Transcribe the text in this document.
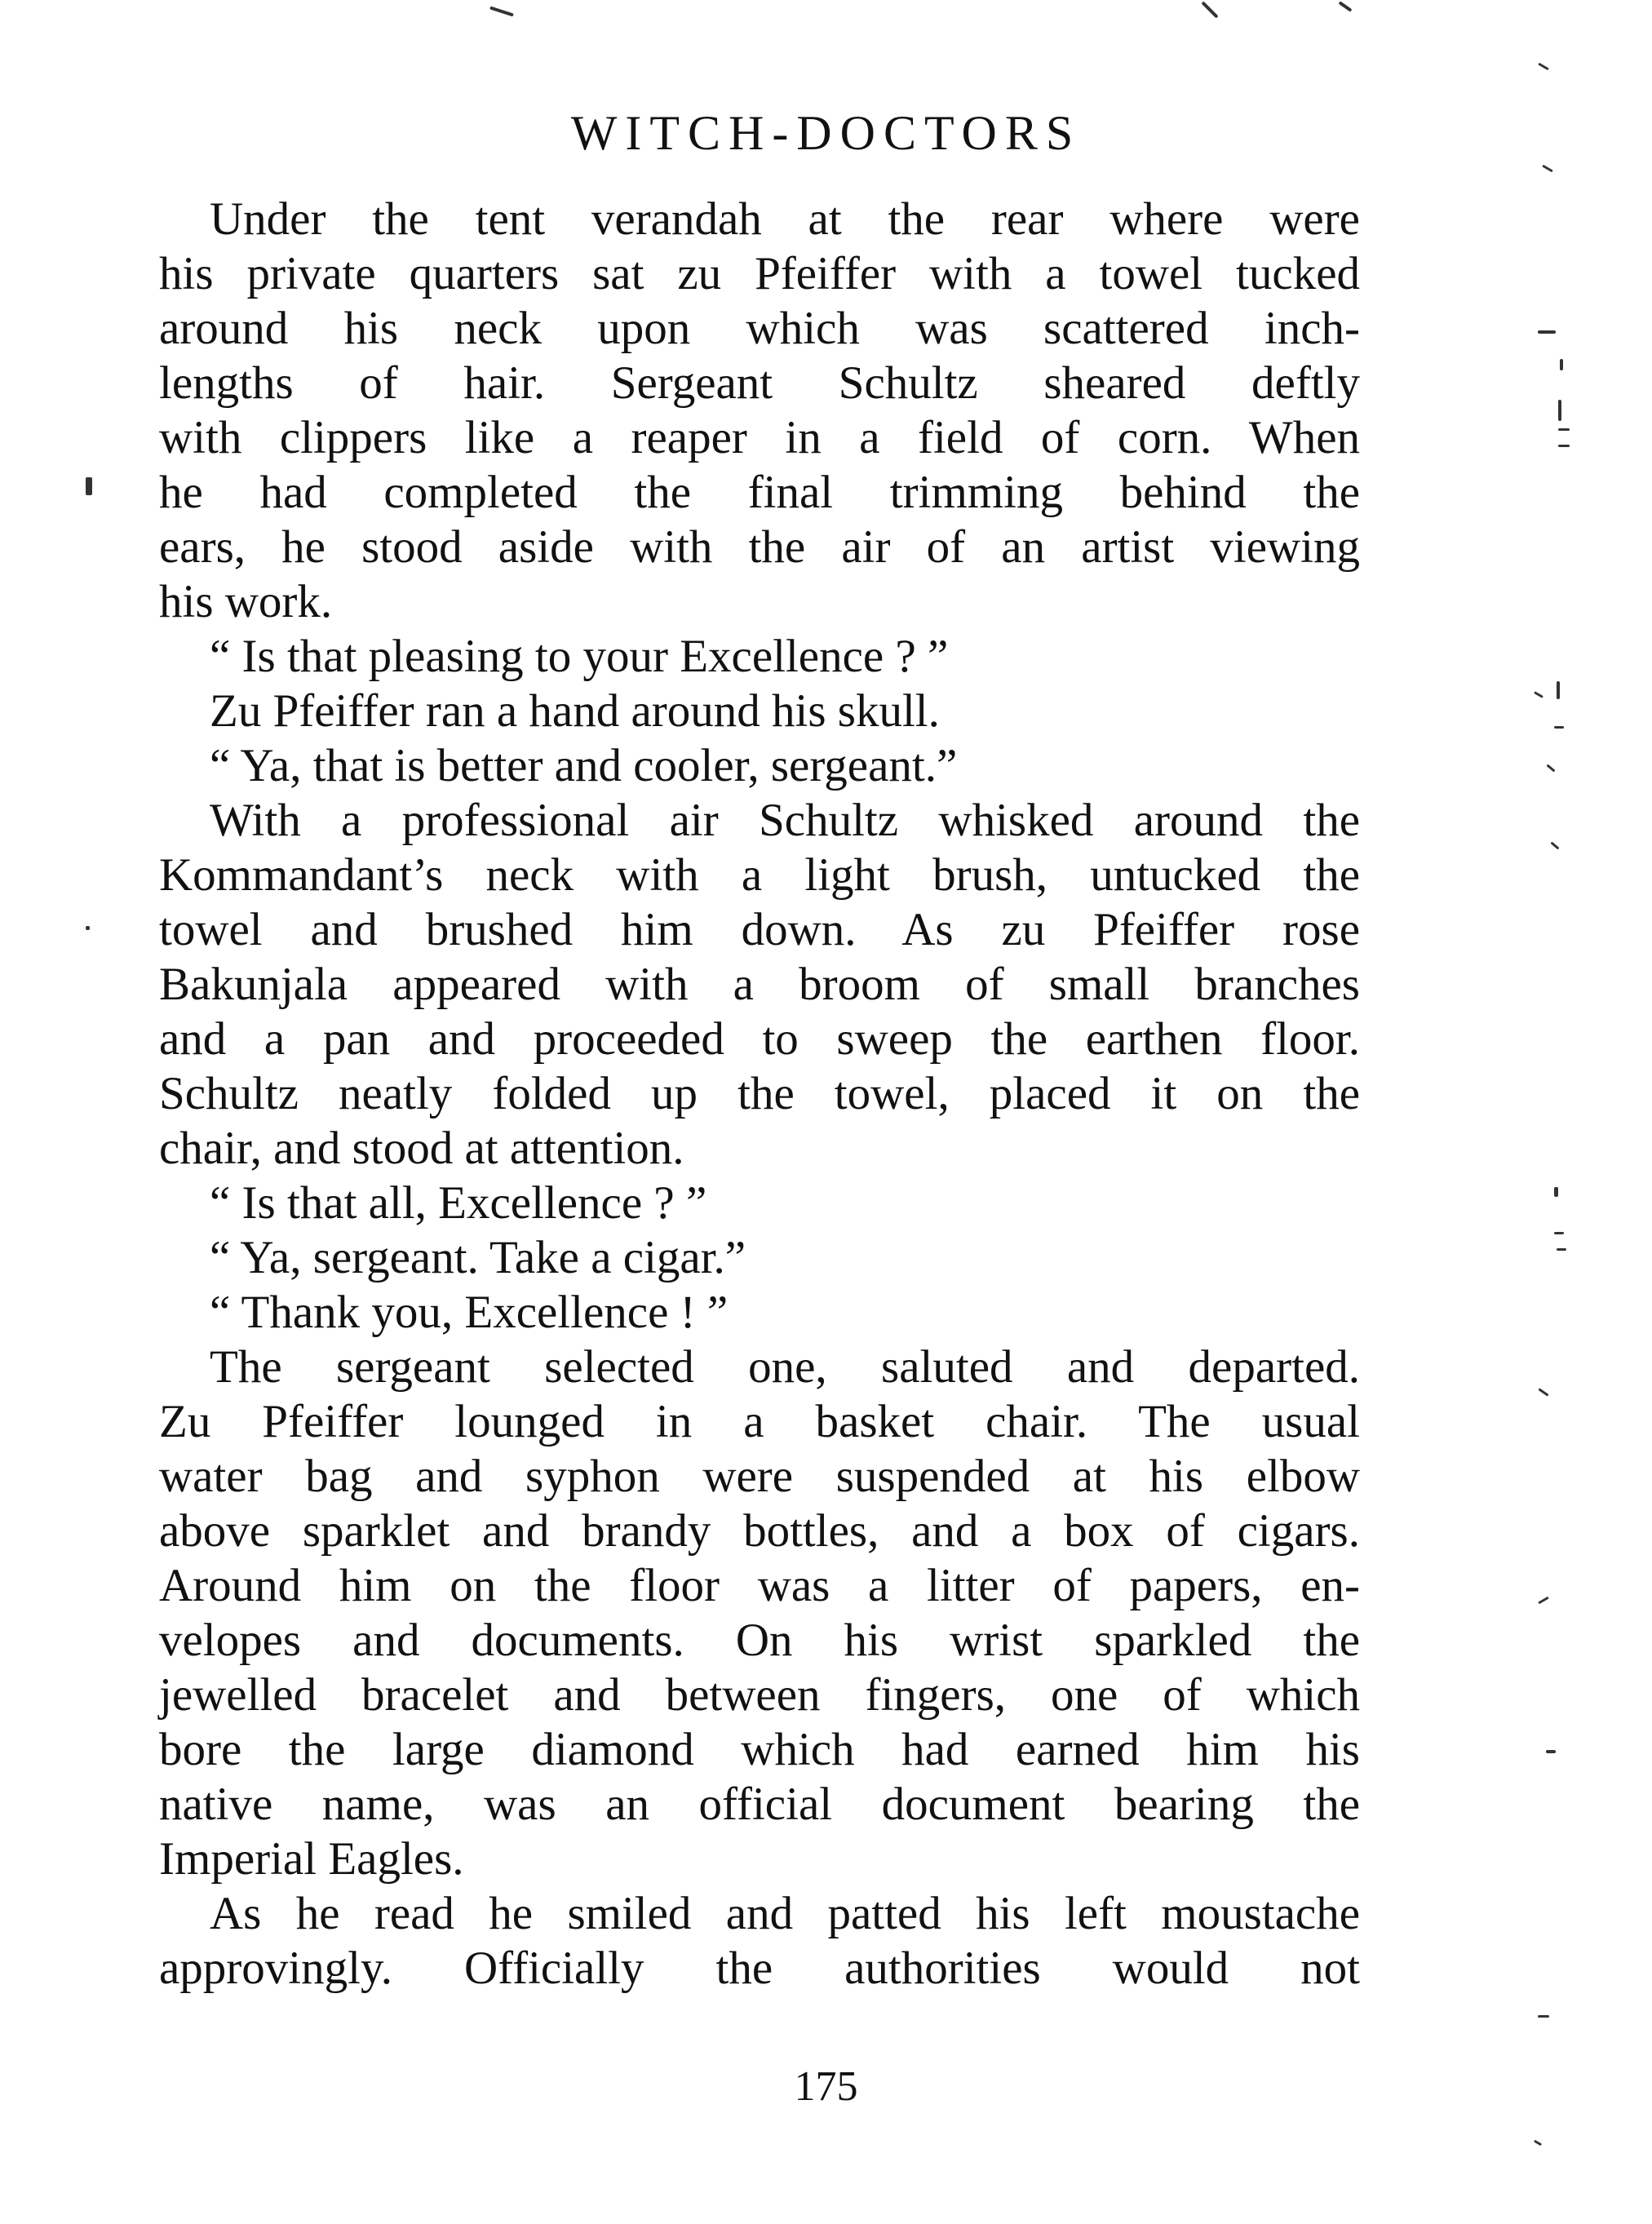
WITCH-DOCTORS
Under the tent verandah at the rear where were
his private quarters sat zu Pfeiffer with a towel tucked
around his neck upon which was scattered inch-
lengths of hair. Sergeant Schultz sheared deftly
with clippers like a reaper in a field of corn. When
he had completed the final trimming behind the
ears, he stood aside with the air of an artist viewing
his work.
“ Is that pleasing to your Excellence ? ”
Zu Pfeiffer ran a hand around his skull.
“ Ya, that is better and cooler, sergeant.”
With a professional air Schultz whisked around the
Kommandant’s neck with a light brush, untucked the
towel and brushed him down. As zu Pfeiffer rose
Bakunjala appeared with a broom of small branches
and a pan and proceeded to sweep the earthen floor.
Schultz neatly folded up the towel, placed it on the
chair, and stood at attention.
“ Is that all, Excellence ? ”
“ Ya, sergeant. Take a cigar.”
“ Thank you, Excellence ! ”
The sergeant selected one, saluted and departed.
Zu Pfeiffer lounged in a basket chair. The usual
water bag and syphon were suspended at his elbow
above sparklet and brandy bottles, and a box of cigars.
Around him on the floor was a litter of papers, en-
velopes and documents. On his wrist sparkled the
jewelled bracelet and between fingers, one of which
bore the large diamond which had earned him his
native name, was an official document bearing the
Imperial Eagles.
As he read he smiled and patted his left moustache
approvingly. Officially the authorities would not
175
